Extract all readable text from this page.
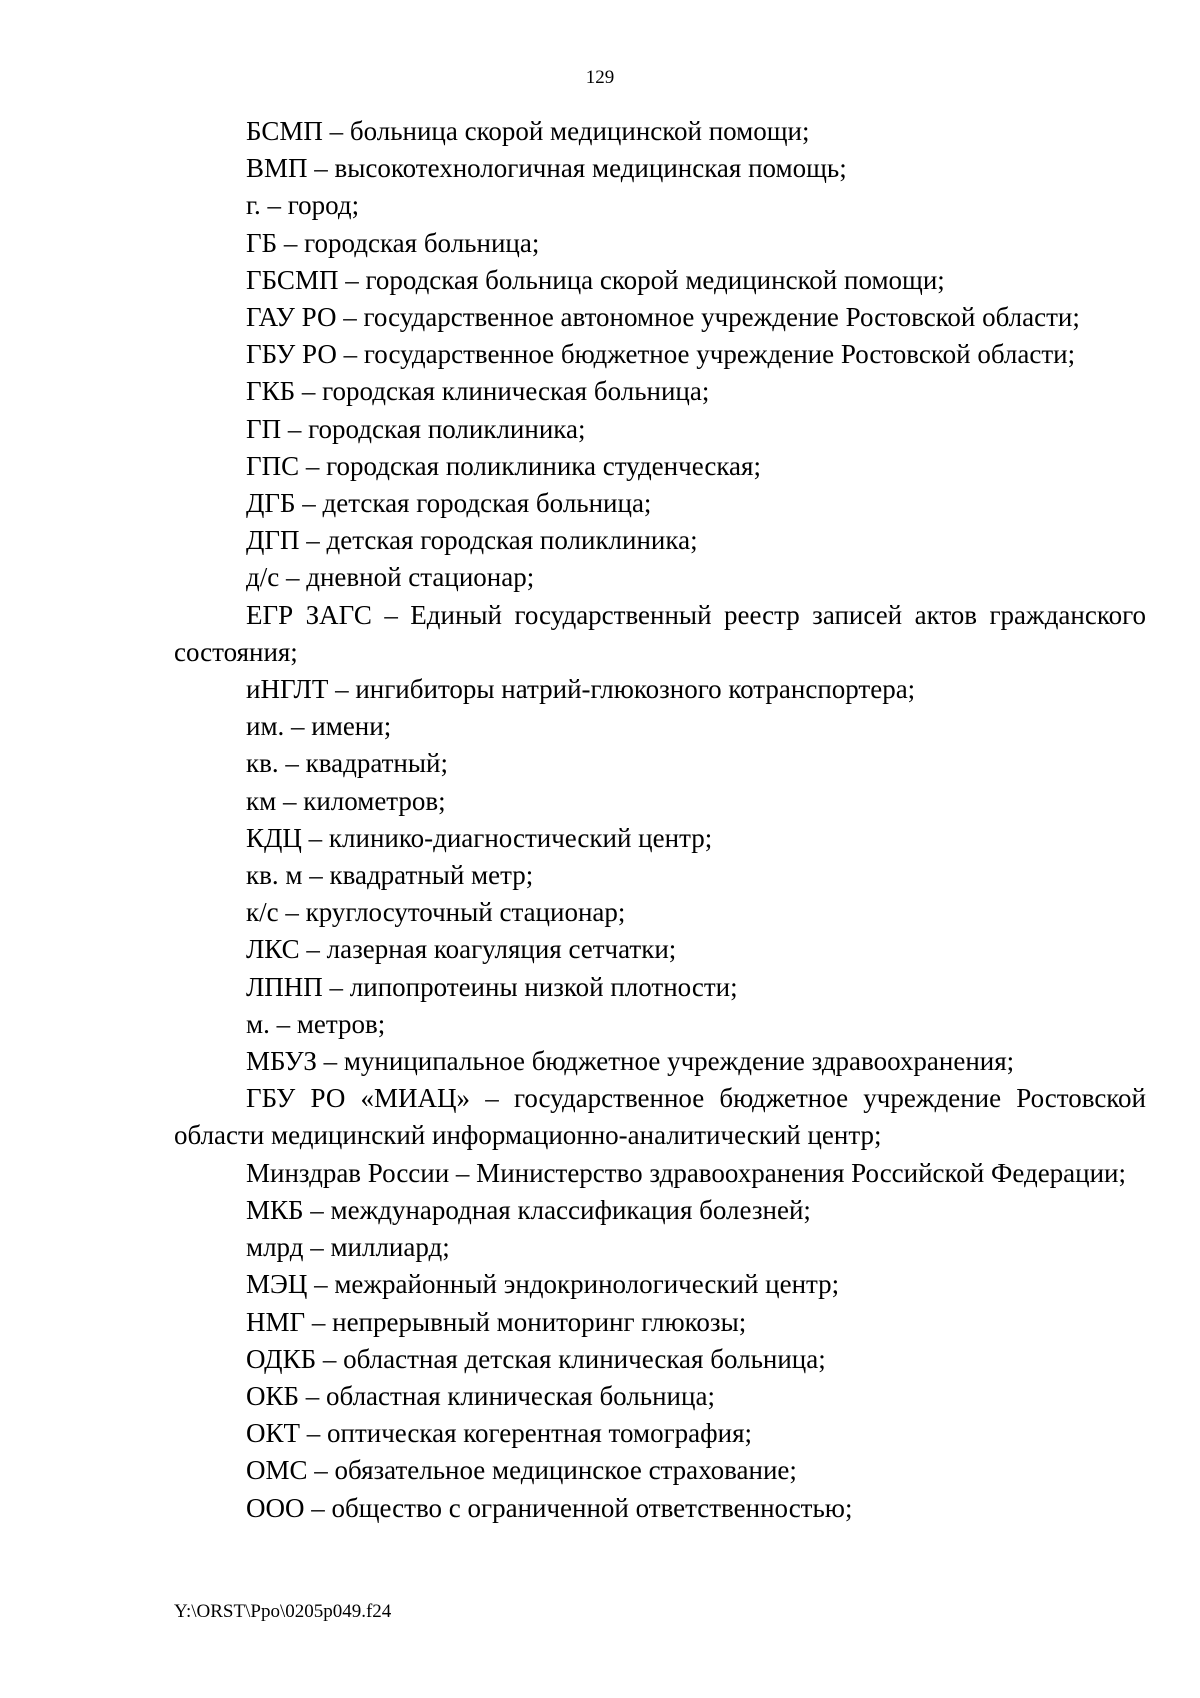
129

БСМП – больница скорой медицинской помощи;

ВМП – высокотехнологичная медицинская помощь;

г. – город;

ГБ – городская больница;

ГБСМП – городская больница скорой медицинской помощи;

ГАУ РО – государственное автономное учреждение Ростовской области;

ГБУ РО – государственное бюджетное учреждение Ростовской области;

ГКБ – городская клиническая больница;

ГП – городская поликлиника;

ГПС – городская поликлиника студенческая;

ДГБ – детская городская больница;

ДГП – детская городская поликлиника;

д/с – дневной стационар;

ЕГР ЗАГС – Единый государственный реестр записей актов гражданского состояния;

иНГЛТ – ингибиторы натрий-глюкозного котранспортера;

им. – имени;

кв. – квадратный;

км – километров;

КДЦ – клинико-диагностический центр;

кв. м – квадратный метр;

к/с – круглосуточный стационар;

ЛКС – лазерная коагуляция сетчатки;

ЛПНП – липопротеины низкой плотности;

м. – метров;

МБУЗ – муниципальное бюджетное учреждение здравоохранения;

ГБУ РО «МИАЦ» – государственное бюджетное учреждение Ростовской области медицинский информационно-аналитический центр;

Минздрав России – Министерство здравоохранения Российской Федерации;

МКБ – международная классификация болезней;

млрд – миллиард;

МЭЦ – межрайонный эндокринологический центр;

НМГ – непрерывный мониторинг глюкозы;

ОДКБ – областная детская клиническая больница;

ОКБ – областная клиническая больница;

ОКТ – оптическая когерентная томография;

ОМС – обязательное медицинское страхование;

ООО – общество с ограниченной ответственностью;

Y:\ORST\Ppo\0205p049.f24
